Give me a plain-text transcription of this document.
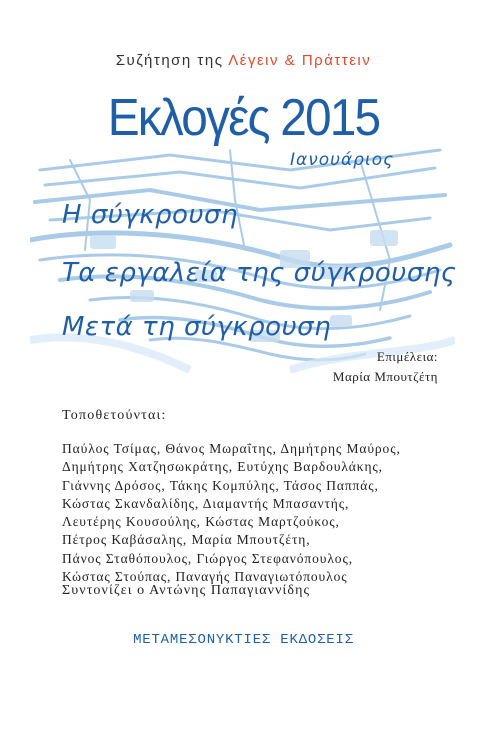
Συζήτηση της Λέγειν & Πράττειν
Εκλογές 2015
Ιανουάριος
Η σύγκρουση
Τα εργαλεία της σύγκρουσης
Μετά τη σύγκρουση
Επιμέλεια:
Μαρία Μπουτζέτη
Τοποθετούνται:
Παύλος Τσίμας, Θάνος Μωραΐτης, Δημήτρης Μαύρος,
Δημήτρης Χατζησωκράτης, Ευτύχης Βαρδουλάκης,
Γιάννης Δρόσος, Τάκης Κομπύλης, Τάσος Παππάς,
Κώστας Σκανδαλίδης, Διαμαντής Μπασαντής,
Λευτέρης Κουσούλης, Κώστας Μαρτζούκος,
Πέτρος Καβάσαλης, Μαρία Μπουτζέτη,
Πάνος Σταθόπουλος, Γιώργος Στεφανόπουλος,
Κώστας Στούπας, Παναγής Παναγιωτόπουλος
Συντονίζει ο Αντώνης Παπαγιαννίδης
ΜΕΤΑΜΕΣΟΝΥΚΤΙΕΣ ΕΚΔΟΣΕΙΣ
